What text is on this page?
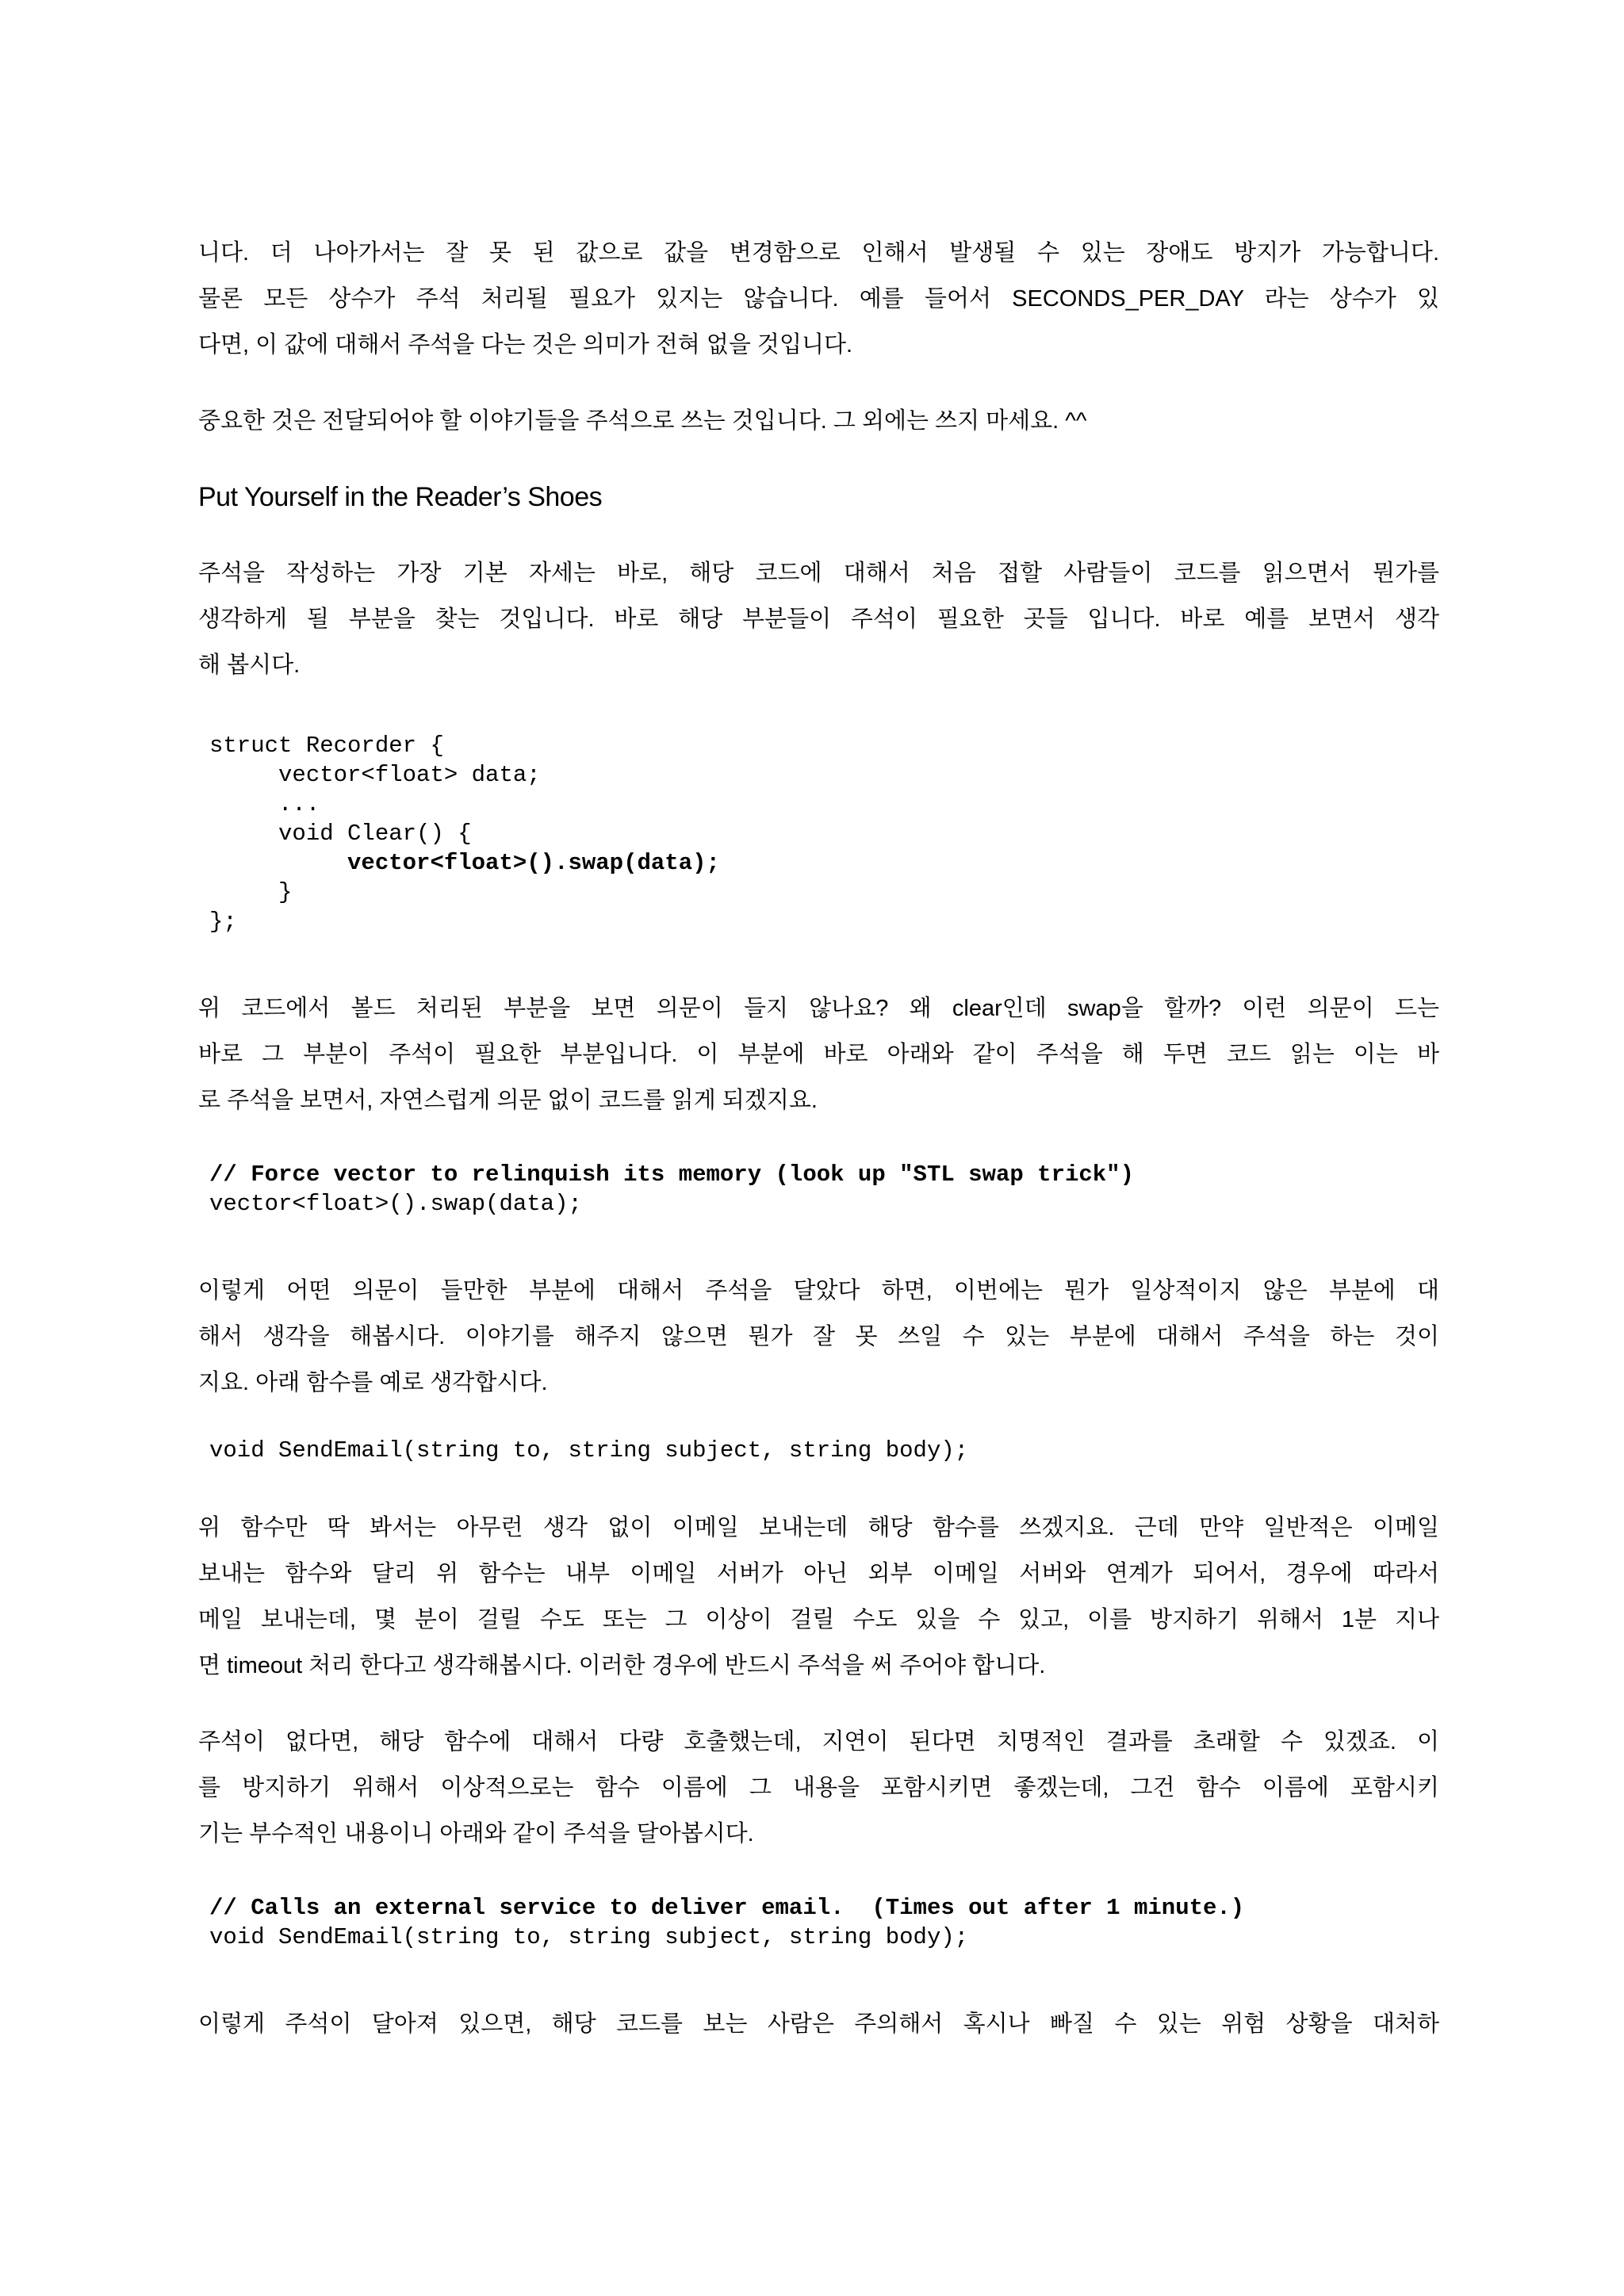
니다. 더 나아가서는 잘 못 된 값으로 값을 변경함으로 인해서 발생될 수 있는 장애도 방지가 가능합니다.
물론 모든 상수가 주석 처리될 필요가 있지는 않습니다. 예를 들어서 SECONDS_PER_DAY 라는 상수가 있
다면, 이 값에 대해서 주석을 다는 것은 의미가 전혀 없을 것입니다.

중요한 것은 전달되어야 할 이야기들을 주석으로 쓰는 것입니다. 그 외에는 쓰지 마세요. ^^

Put Yourself in the Reader’s Shoes

주석을 작성하는 가장 기본 자세는 바로, 해당 코드에 대해서 처음 접할 사람들이 코드를 읽으면서 뭔가를
생각하게 될 부분을 찾는 것입니다. 바로 해당 부분들이 주석이 필요한 곳들 입니다. 바로 예를 보면서 생각
해 봅시다.

struct Recorder {
vector<float> data;
...
void Clear() {
vector<float>().swap(data);
}
};

위 코드에서 볼드 처리된 부분을 보면 의문이 들지 않나요? 왜 clear인데 swap을 할까? 이런 의문이 드는
바로 그 부분이 주석이 필요한 부분입니다. 이 부분에 바로 아래와 같이 주석을 해 두면 코드 읽는 이는 바
로 주석을 보면서, 자연스럽게 의문 없이 코드를 읽게 되겠지요.

// Force vector to relinquish its memory (look up "STL swap trick")
vector<float>().swap(data);

이렇게 어떤 의문이 들만한 부분에 대해서 주석을 달았다 하면, 이번에는 뭔가 일상적이지 않은 부분에 대
해서 생각을 해봅시다. 이야기를 해주지 않으면 뭔가 잘 못 쓰일 수 있는 부분에 대해서 주석을 하는 것이
지요. 아래 함수를 예로 생각합시다.

void SendEmail(string to, string subject, string body);

위 함수만 딱 봐서는 아무런 생각 없이 이메일 보내는데 해당 함수를 쓰겠지요. 근데 만약 일반적은 이메일
보내는 함수와 달리 위 함수는 내부 이메일 서버가 아닌 외부 이메일 서버와 연계가 되어서, 경우에 따라서
메일 보내는데, 몇 분이 걸릴 수도 또는 그 이상이 걸릴 수도 있을 수 있고, 이를 방지하기 위해서 1분 지나
면 timeout 처리 한다고 생각해봅시다. 이러한 경우에 반드시 주석을 써 주어야 합니다.

주석이 없다면, 해당 함수에 대해서 다량 호출했는데, 지연이 된다면 치명적인 결과를 초래할 수 있겠죠. 이
를 방지하기 위해서 이상적으로는 함수 이름에 그 내용을 포함시키면 좋겠는데, 그건 함수 이름에 포함시키
기는 부수적인 내용이니 아래와 같이 주석을 달아봅시다.

// Calls an external service to deliver email.  (Times out after 1 minute.)
void SendEmail(string to, string subject, string body);

이렇게 주석이 달아져 있으면, 해당 코드를 보는 사람은 주의해서 혹시나 빠질 수 있는 위험 상황을 대처하
